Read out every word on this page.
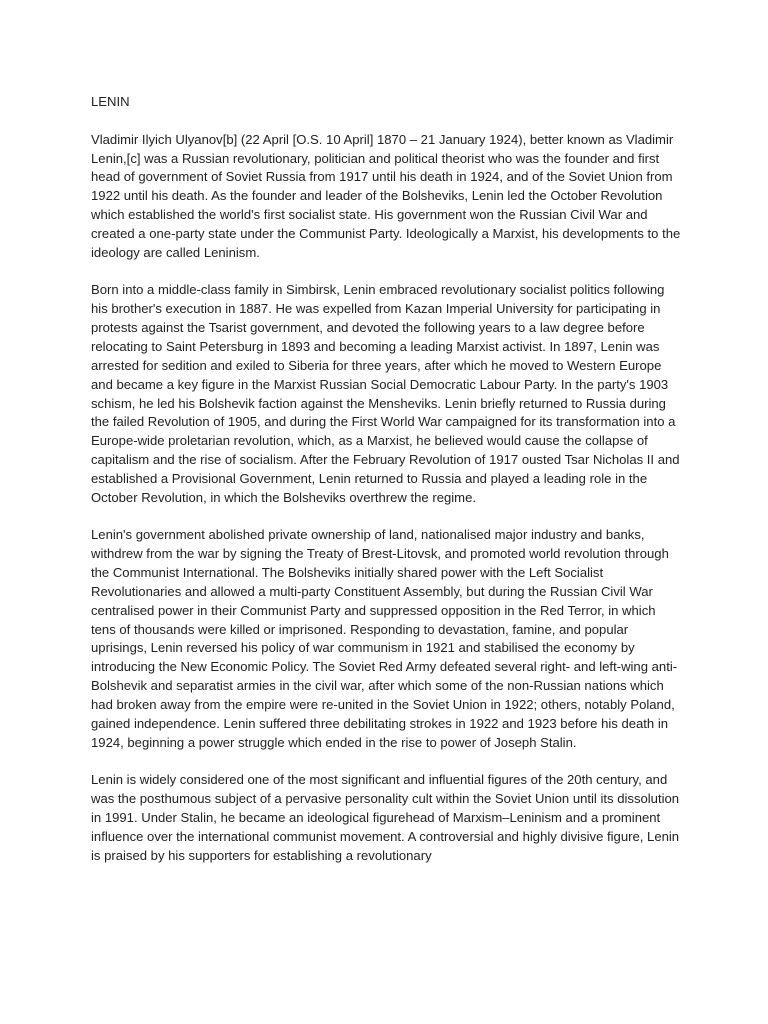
LENIN

Vladimir Ilyich Ulyanov[b] (22 April [O.S. 10 April] 1870 – 21 January 1924), better known as Vladimir Lenin,[c] was a Russian revolutionary, politician and political theorist who was the founder and first head of government of Soviet Russia from 1917 until his death in 1924, and of the Soviet Union from 1922 until his death. As the founder and leader of the Bolsheviks, Lenin led the October Revolution which established the world's first socialist state. His government won the Russian Civil War and created a one-party state under the Communist Party. Ideologically a Marxist, his developments to the ideology are called Leninism.

Born into a middle-class family in Simbirsk, Lenin embraced revolutionary socialist politics following his brother's execution in 1887. He was expelled from Kazan Imperial University for participating in protests against the Tsarist government, and devoted the following years to a law degree before relocating to Saint Petersburg in 1893 and becoming a leading Marxist activist. In 1897, Lenin was arrested for sedition and exiled to Siberia for three years, after which he moved to Western Europe and became a key figure in the Marxist Russian Social Democratic Labour Party. In the party's 1903 schism, he led his Bolshevik faction against the Mensheviks. Lenin briefly returned to Russia during the failed Revolution of 1905, and during the First World War campaigned for its transformation into a Europe-wide proletarian revolution, which, as a Marxist, he believed would cause the collapse of capitalism and the rise of socialism. After the February Revolution of 1917 ousted Tsar Nicholas II and established a Provisional Government, Lenin returned to Russia and played a leading role in the October Revolution, in which the Bolsheviks overthrew the regime.

Lenin's government abolished private ownership of land, nationalised major industry and banks, withdrew from the war by signing the Treaty of Brest-Litovsk, and promoted world revolution through the Communist International. The Bolsheviks initially shared power with the Left Socialist Revolutionaries and allowed a multi-party Constituent Assembly, but during the Russian Civil War centralised power in their Communist Party and suppressed opposition in the Red Terror, in which tens of thousands were killed or imprisoned. Responding to devastation, famine, and popular uprisings, Lenin reversed his policy of war communism in 1921 and stabilised the economy by introducing the New Economic Policy. The Soviet Red Army defeated several right- and left-wing anti-Bolshevik and separatist armies in the civil war, after which some of the non-Russian nations which had broken away from the empire were re-united in the Soviet Union in 1922; others, notably Poland, gained independence. Lenin suffered three debilitating strokes in 1922 and 1923 before his death in 1924, beginning a power struggle which ended in the rise to power of Joseph Stalin.

Lenin is widely considered one of the most significant and influential figures of the 20th century, and was the posthumous subject of a pervasive personality cult within the Soviet Union until its dissolution in 1991. Under Stalin, he became an ideological figurehead of Marxism–Leninism and a prominent influence over the international communist movement. A controversial and highly divisive figure, Lenin is praised by his supporters for establishing a revolutionary
